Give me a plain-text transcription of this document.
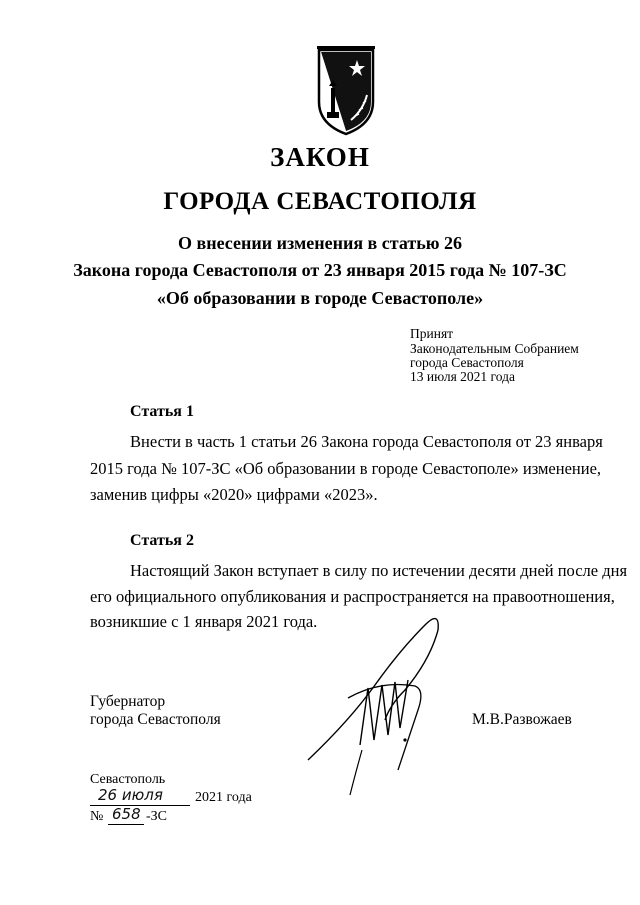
ЗАКОН
ГОРОДА СЕВАСТОПОЛЯ
О внесении изменения в статью 26
Закона города Севастополя от 23 января 2015 года № 107-ЗС
«Об образовании в городе Севастополе»
Принят
Законодательным Собранием
города Севастополя
13 июля 2021 года
Статья 1
Внести в часть 1 статьи 26 Закона города Севастополя от 23 января
2015 года № 107-ЗС «Об образовании в городе Севастополе» изменение,
заменив цифры «2020» цифрами «2023».
Статья 2
Настоящий Закон вступает в силу по истечении десяти дней после дня
его официального опубликования и распространяется на правоотношения,
возникшие с 1 января 2021 года.
Губернатор
города Севастополя	М.В.Развожаев
Севастополь
26 июля 2021 года
№ 658 -ЗС
